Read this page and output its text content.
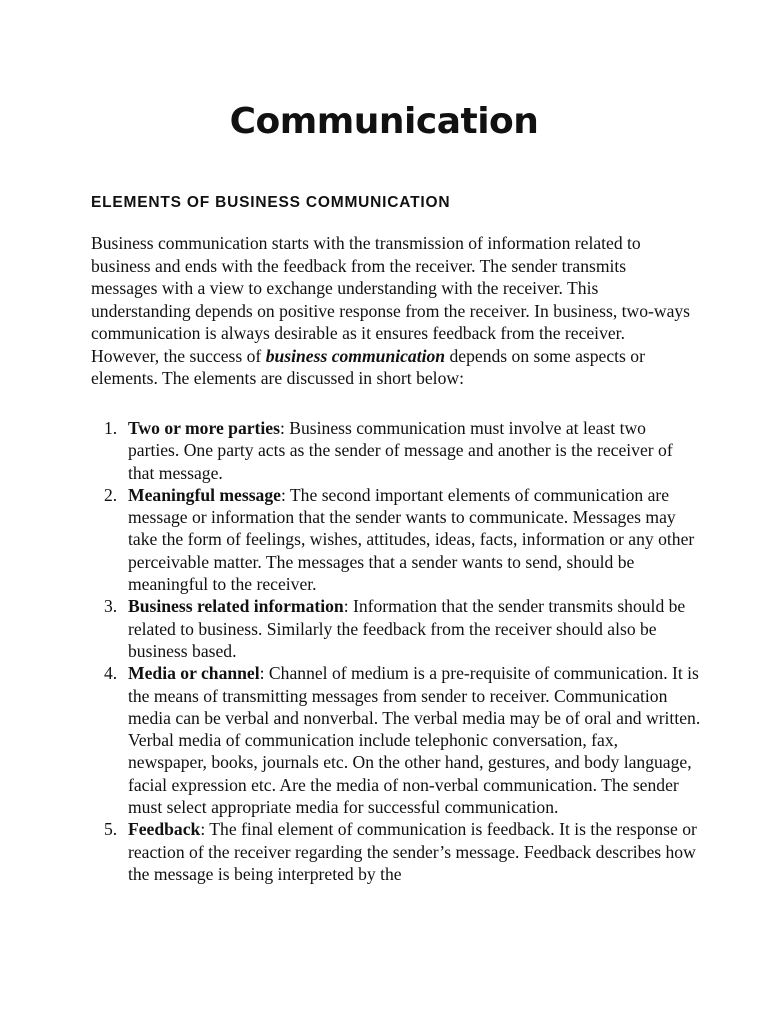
Communication
ELEMENTS OF BUSINESS COMMUNICATION

Business communication starts with the transmission of information related to business and ends with the feedback from the receiver. The sender transmits messages with a view to exchange understanding with the receiver. This understanding depends on positive response from the receiver. In business, two-ways communication is always desirable as it ensures feedback from the receiver. However, the success of business communication depends on some aspects or elements. The elements are discussed in short below:

1. Two or more parties: Business communication must involve at least two parties. One party acts as the sender of message and another is the receiver of that message.
2. Meaningful message: The second important elements of communication are message or information that the sender wants to communicate. Messages may take the form of feelings, wishes, attitudes, ideas, facts, information or any other perceivable matter. The messages that a sender wants to send, should be meaningful to the receiver.
3. Business related information: Information that the sender transmits should be related to business. Similarly the feedback from the receiver should also be business based.
4. Media or channel: Channel of medium is a pre-requisite of communication. It is the means of transmitting messages from sender to receiver. Communication media can be verbal and nonverbal. The verbal media may be of oral and written. Verbal media of communication include telephonic conversation, fax, newspaper, books, journals etc. On the other hand, gestures, and body language, facial expression etc. Are the media of non-verbal communication. The sender must select appropriate media for successful communication.
5. Feedback: The final element of communication is feedback. It is the response or reaction of the receiver regarding the sender’s message. Feedback describes how the message is being interpreted by the
